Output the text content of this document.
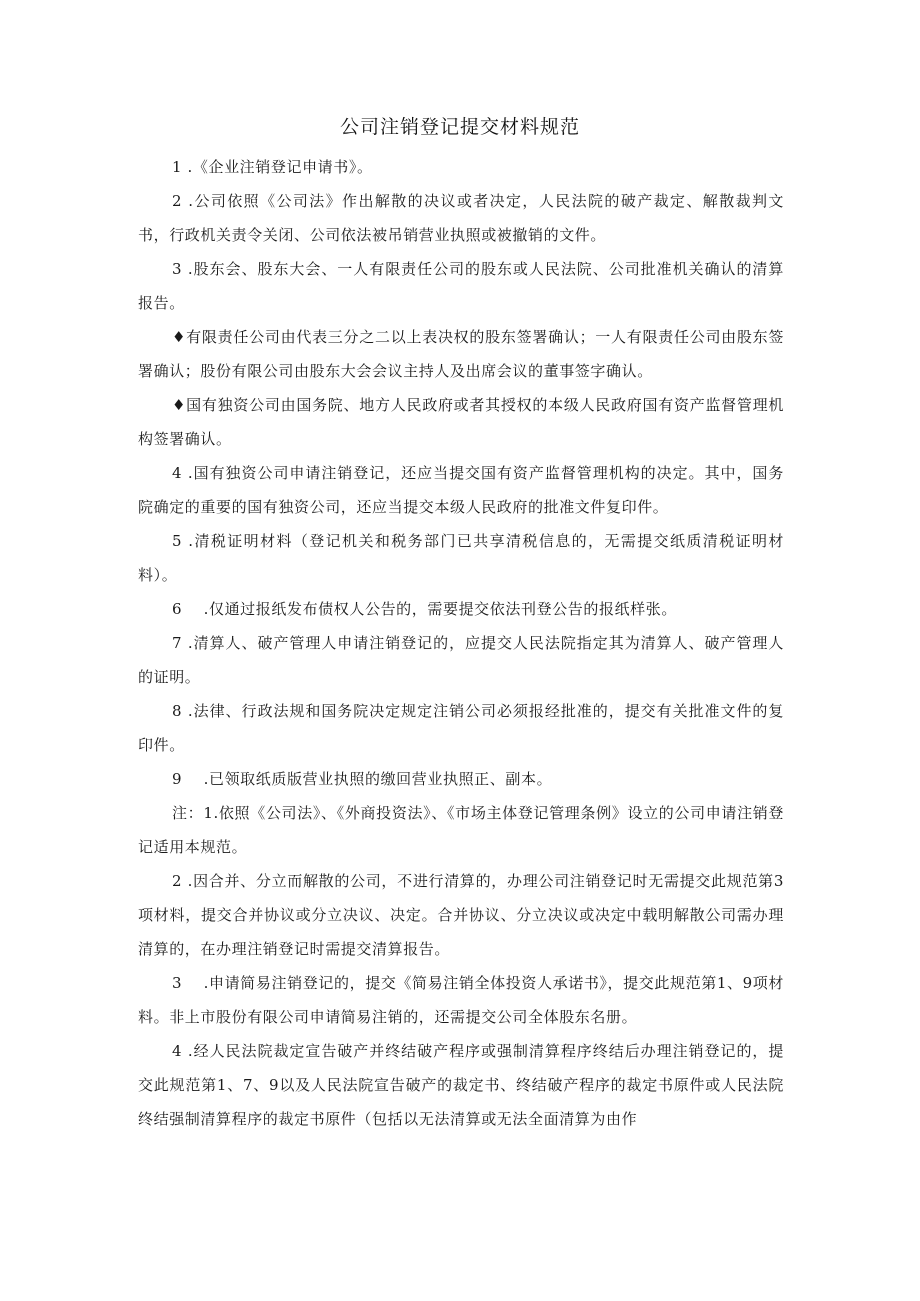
公司注销登记提交材料规范

1 .《企业注销登记申请书》。

2 .公司依照《公司法》作出解散的决议或者决定，人民法院的破产裁定、解散裁判文书，行政机关责令关闭、公司依法被吊销营业执照或被撤销的文件。

3 .股东会、股东大会、一人有限责任公司的股东或人民法院、公司批准机关确认的清算报告。

♦有限责任公司由代表三分之二以上表决权的股东签署确认；一人有限责任公司由股东签署确认；股份有限公司由股东大会会议主持人及出席会议的董事签字确认。

♦国有独资公司由国务院、地方人民政府或者其授权的本级人民政府国有资产监督管理机构签署确认。

4 .国有独资公司申请注销登记，还应当提交国有资产监督管理机构的决定。其中，国务院确定的重要的国有独资公司，还应当提交本级人民政府的批准文件复印件。

5 .清税证明材料（登记机关和税务部门已共享清税信息的，无需提交纸质清税证明材料）。

6    .仅通过报纸发布债权人公告的，需要提交依法刊登公告的报纸样张。

7 .清算人、破产管理人申请注销登记的，应提交人民法院指定其为清算人、破产管理人的证明。

8 .法律、行政法规和国务院决定规定注销公司必须报经批准的，提交有关批准文件的复印件。

9    .已领取纸质版营业执照的缴回营业执照正、副本。

注：1.依照《公司法》、《外商投资法》、《市场主体登记管理条例》设立的公司申请注销登记适用本规范。

2 .因合并、分立而解散的公司，不进行清算的，办理公司注销登记时无需提交此规范第3项材料，提交合并协议或分立决议、决定。合并协议、分立决议或决定中载明解散公司需办理清算的，在办理注销登记时需提交清算报告。

3    .申请简易注销登记的，提交《简易注销全体投资人承诺书》，提交此规范第1、9项材料。非上市股份有限公司申请简易注销的，还需提交公司全体股东名册。

4 .经人民法院裁定宣告破产并终结破产程序或强制清算程序终结后办理注销登记的，提交此规范第1、7、9以及人民法院宣告破产的裁定书、终结破产程序的裁定书原件或人民法院终结强制清算程序的裁定书原件（包括以无法清算或无法全面清算为由作
